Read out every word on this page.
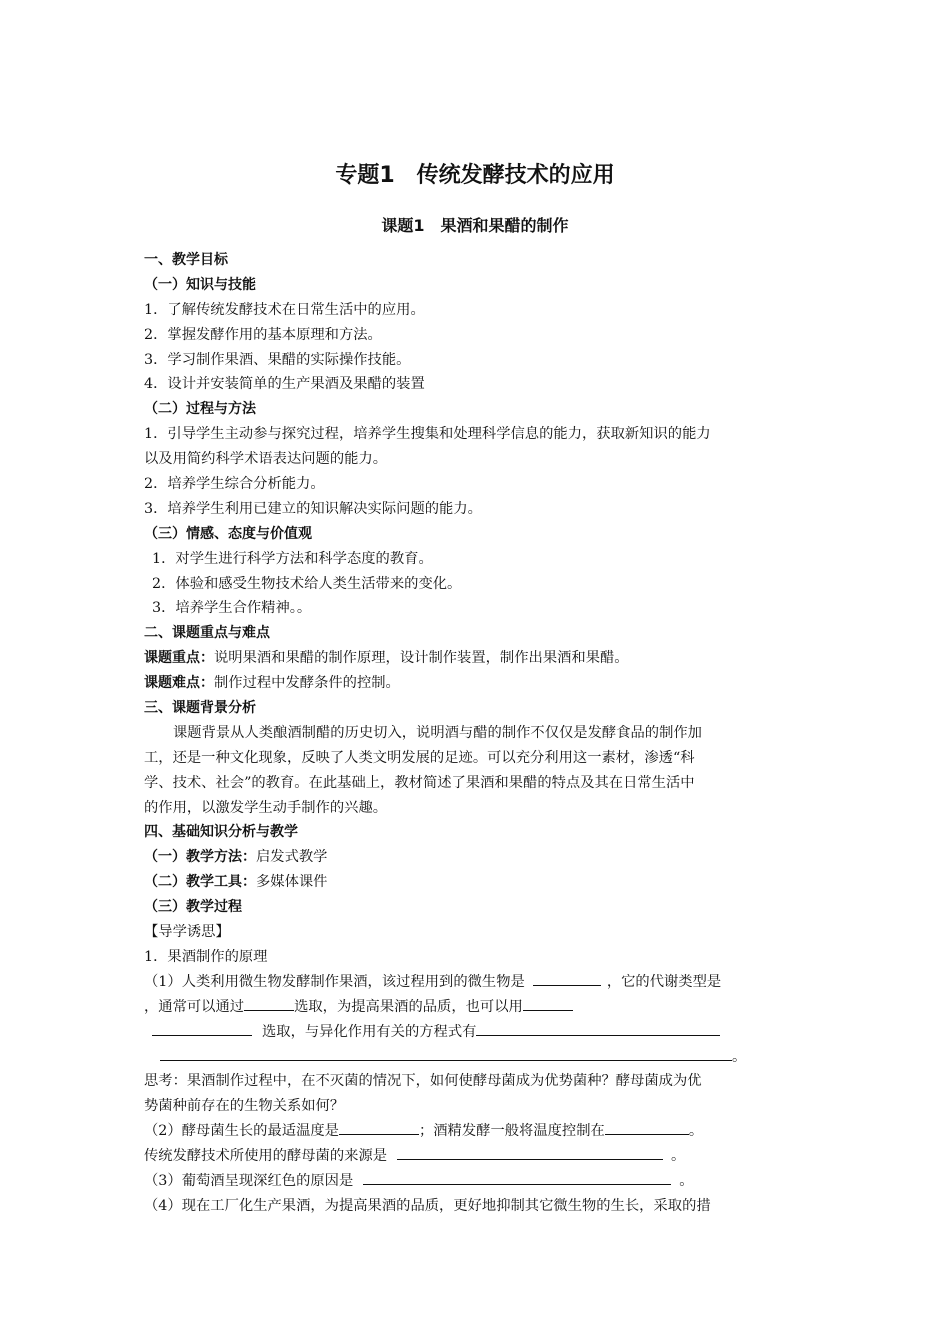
专题1　传统发酵技术的应用
课题1　果酒和果醋的制作
一、教学目标
（一）知识与技能
1．了解传统发酵技术在日常生活中的应用。
2．掌握发酵作用的基本原理和方法。
3．学习制作果酒、果醋的实际操作技能。
4．设计并安装简单的生产果酒及果醋的装置
（二）过程与方法
1．引导学生主动参与探究过程，培养学生搜集和处理科学信息的能力，获取新知识的能力
以及用简约科学术语表达问题的能力。
2．培养学生综合分析能力。
3．培养学生利用已建立的知识解决实际问题的能力。
（三）情感、态度与价值观
1．对学生进行科学方法和科学态度的教育。
2．体验和感受生物技术给人类生活带来的变化。
3．培养学生合作精神。。
二、课题重点与难点
课题重点：说明果酒和果醋的制作原理，设计制作装置，制作出果酒和果醋。
课题难点：制作过程中发酵条件的控制。
三、课题背景分析
课题背景从人类酿酒制醋的历史切入，说明酒与醋的制作不仅仅是发酵食品的制作加
工，还是一种文化现象，反映了人类文明发展的足迹。可以充分利用这一素材，渗透“科
学、技术、社会”的教育。在此基础上，教材简述了果酒和果醋的特点及其在日常生活中
的作用，以激发学生动手制作的兴趣。
四、基础知识分析与教学
（一）教学方法：启发式教学
（二）教学工具：多媒体课件
（三）教学过程
【导学诱思】
1．果酒制作的原理
（1）人类利用微生物发酵制作果酒，该过程用到的微生物是	，它的代谢类型是
，通常可以通过	选取，为提高果酒的品质，也可以用
选取，与异化作用有关的方程式有
。
思考：果酒制作过程中，在不灭菌的情况下，如何使酵母菌成为优势菌种？酵母菌成为优
势菌种前存在的生物关系如何？
（2）酵母菌生长的最适温度是	；酒精发酵一般将温度控制在	。
传统发酵技术所使用的酵母菌的来源是	。
（3）葡萄酒呈现深红色的原因是	。
（4）现在工厂化生产果酒，为提高果酒的品质，更好地抑制其它微生物的生长，采取的措
